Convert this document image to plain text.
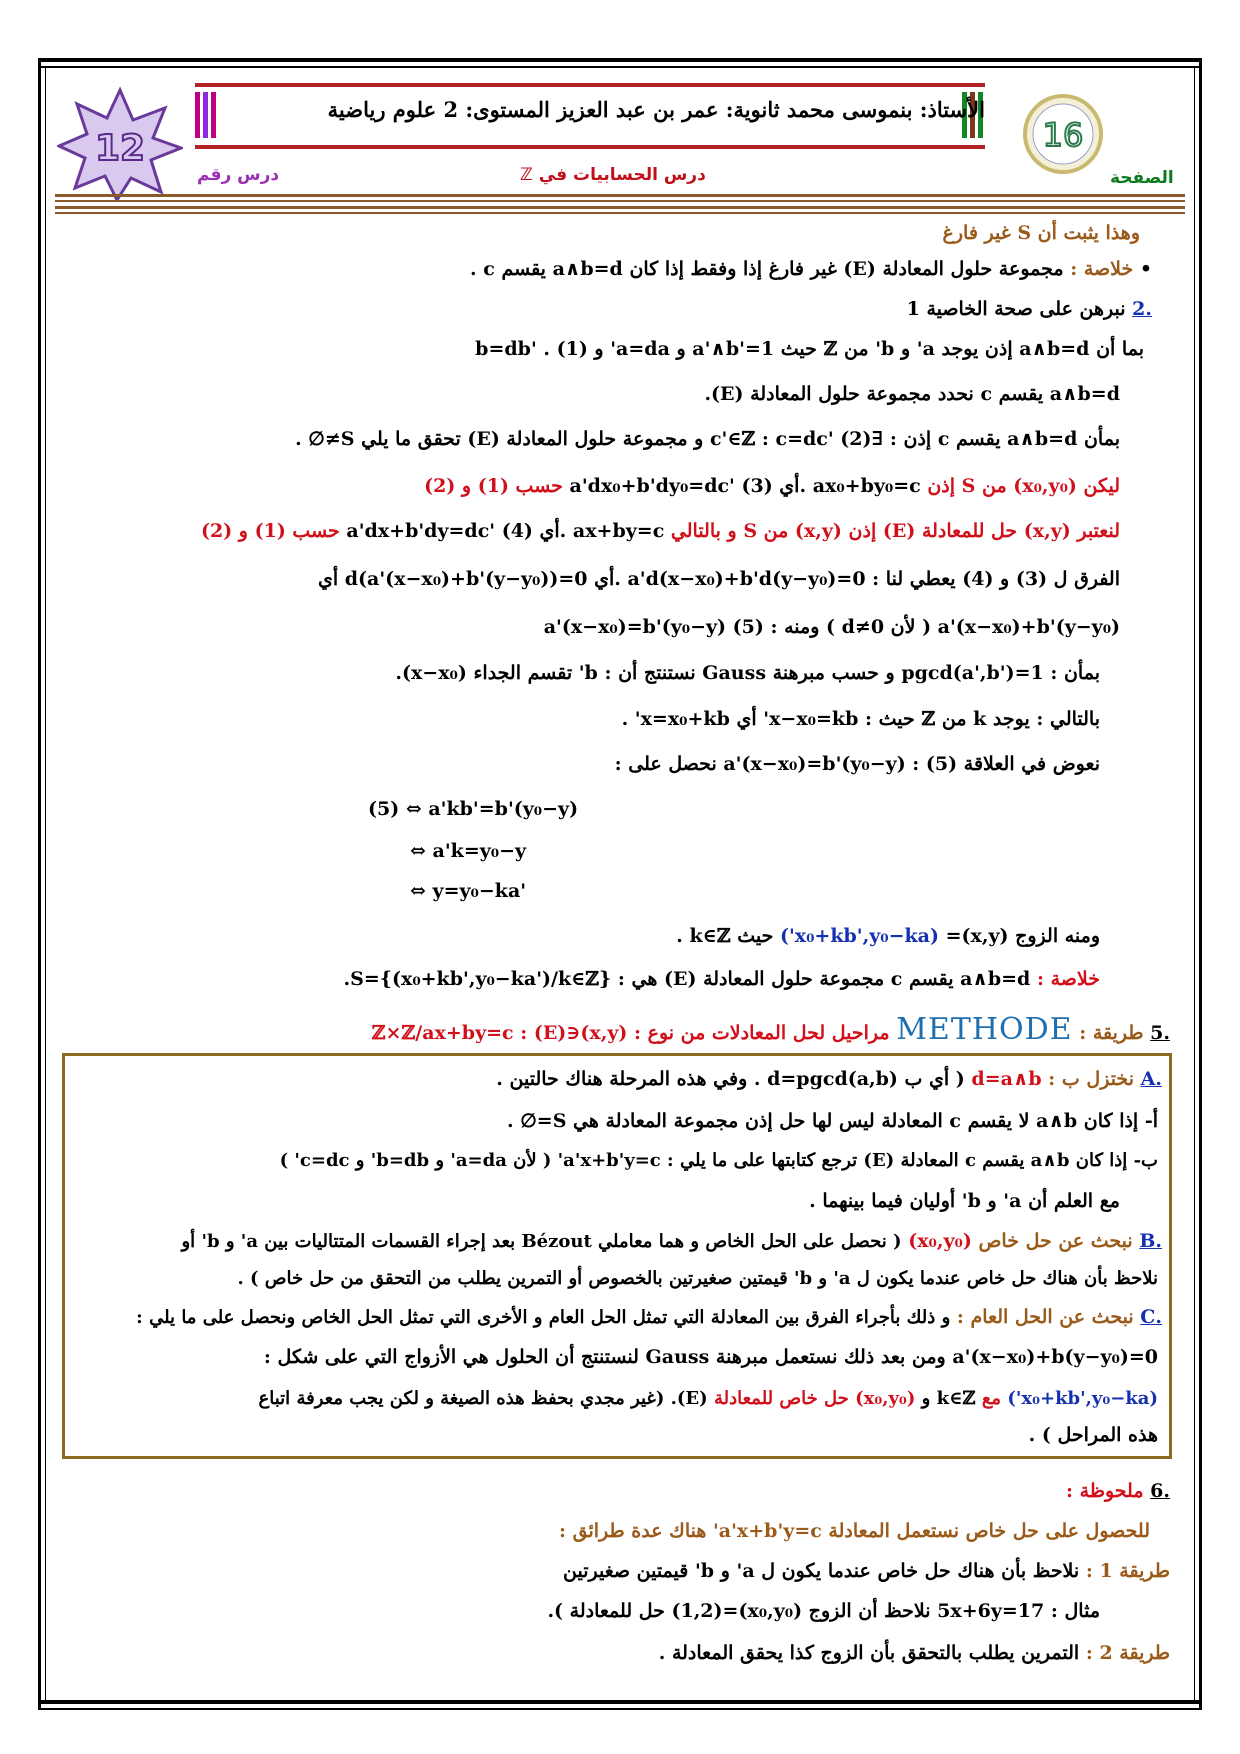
12
الأستاذ: بنموسى محمد ثانوية: عمر بن عبد العزيز المستوى: 2 علوم رياضية
16
درس رقم	درس الحسابيات في ℤ	الصفحة
وهذا يثبت أن S غير فارغ
• خلاصة : مجموعة حلول المعادلة (E) غير فارغ إذا وفقط إذا كان a∧b=d يقسم c .
.2 نبرهن على صحة الخاصية 1
بما أن a∧b=d إذن يوجد a' و b' من ℤ حيث a'∧b'=1 و a=da' و b=db' . (1)
a∧b=d يقسم c نحدد مجموعة حلول المعادلة (E).
بمأن a∧b=d يقسم c إذن : ∃c'∈ℤ : c=dc' (2) و مجموعة حلول المعادلة (E) تحقق ما يلي S≠∅ .
ليكن (x₀,y₀) من S إذن ax₀+by₀=c .أي a'dx₀+b'dy₀=dc' (3) حسب (1) و (2)
لنعتبر (x,y) حل للمعادلة (E) إذن (x,y) من S و بالتالي ax+by=c .أي a'dx+b'dy=dc' (4) حسب (1) و (2)
الفرق ل (3) و (4) يعطي لنا : a'd(x−x₀)+b'd(y−y₀)=0 .أي d(a'(x−x₀)+b'(y−y₀))=0 أي
a'(x−x₀)+b'(y−y₀) ( لأن d≠0 ) ومنه : a'(x−x₀)=b'(y₀−y) (5)
بمأن : pgcd(a',b')=1 و حسب مبرهنة Gauss نستنتج أن : b' تقسم الجداء (x−x₀).
بالتالي : يوجد k من ℤ حيث : x−x₀=kb' أي x=x₀+kb' .
نعوض في العلاقة (5) : a'(x−x₀)=b'(y₀−y) نحصل على :
(5) ⇔ a'kb'=b'(y₀−y)
⇔ a'k=y₀−y
⇔ y=y₀−ka'
ومنه الزوج (x,y)= (x₀+kb',y₀−ka') حيث k∈ℤ .
خلاصة : a∧b=d يقسم c مجموعة حلول المعادلة (E) هي : S={(x₀+kb',y₀−ka')/k∈ℤ}.
.5 طريقة : METHODE مراحيل لحل المعادلات من نوع : (x,y)∈ℤ×ℤ/ax+by=c : (E)
.A نختزل ب : d=a∧b ( أي ب d=pgcd(a,b) . وفي هذه المرحلة هناك حالتين .
أ- إذا كان a∧b لا يقسم c المعادلة ليس لها حل إذن مجموعة المعادلة هي S=∅ .
ب- إذا كان a∧b يقسم c المعادلة (E) ترجع كتابتها على ما يلي : a'x+b'y=c' ( لأن a=da' و b=db' و c=dc' )
مع العلم أن a' و b' أوليان فيما بينهما .
.B نبحث عن حل خاص (x₀,y₀) ( نحصل على الحل الخاص و هما معاملي Bézout بعد إجراء القسمات المتتاليات بين a' و b' أو
نلاحظ بأن هناك حل خاص عندما يكون ل a' و b' قيمتين صغيرتين بالخصوص أو التمرين يطلب من التحقق من حل خاص ) .
.C نبحث عن الحل العام : و ذلك بأجراء الفرق بين المعادلة التي تمثل الحل العام و الأخرى التي تمثل الحل الخاص ونحصل على ما يلي :
a'(x−x₀)+b(y−y₀)=0 ومن بعد ذلك نستعمل مبرهنة Gauss لنستنتج أن الحلول هي الأزواج التي على شكل :
(x₀+kb',y₀−ka') مع k∈ℤ و (x₀,y₀) حل خاص للمعادلة (E). (غير مجدي بحفظ هذه الصيغة و لكن يجب معرفة اتباع
هذه المراحل ) .
.6 ملحوظة :
للحصول على حل خاص نستعمل المعادلة a'x+b'y=c' هناك عدة طرائق :
طريقة 1 : نلاحظ بأن هناك حل خاص عندما يكون ل a' و b' قيمتين صغيرتين
مثال : 5x+6y=17 نلاحظ أن الزوج (x₀,y₀)=(1,2) حل للمعادلة ).
طريقة 2 : التمرين يطلب بالتحقق بأن الزوج كذا يحقق المعادلة .
